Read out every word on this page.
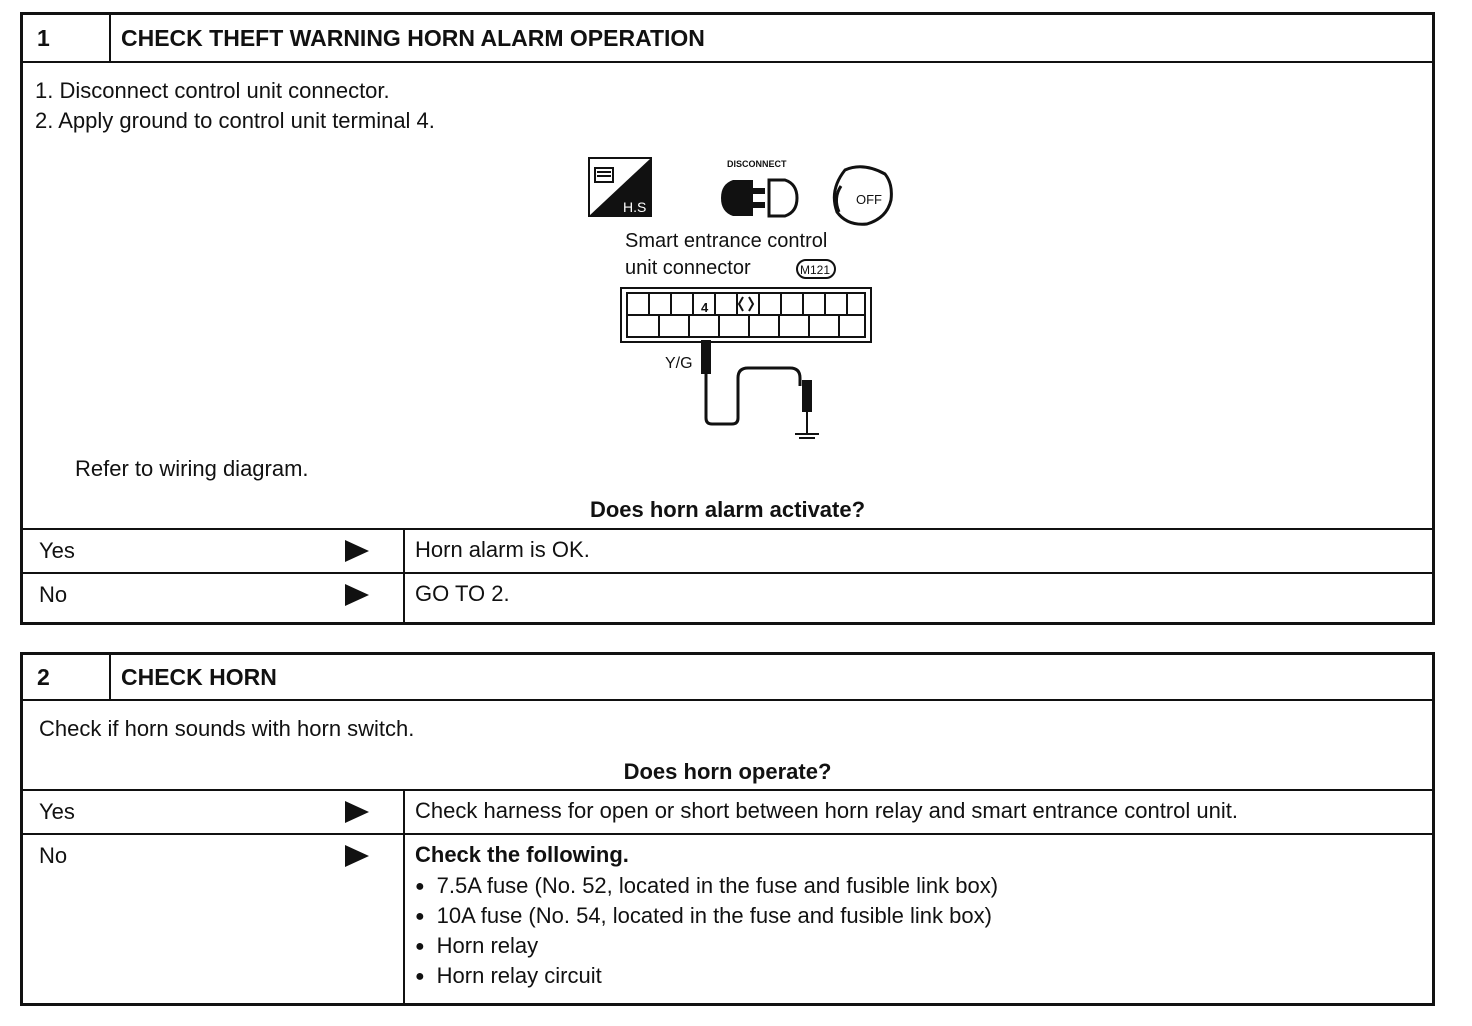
1	CHECK THEFT WARNING HORN ALARM OPERATION
1. Disconnect control unit connector.
2. Apply ground to control unit terminal 4.
H.S
DISCONNECT
OFF
Smart entrance control
unit connector	M121
4
Y/G
Refer to wiring diagram.
Does horn alarm activate?
Yes	Horn alarm is OK.
No	GO TO 2.
2	CHECK HORN
Check if horn sounds with horn switch.
Does horn operate?
Yes	Check harness for open or short between horn relay and smart entrance control unit.
No	Check the following.
● 7.5A fuse (No. 52, located in the fuse and fusible link box)
● 10A fuse (No. 54, located in the fuse and fusible link box)
● Horn relay
● Horn relay circuit
